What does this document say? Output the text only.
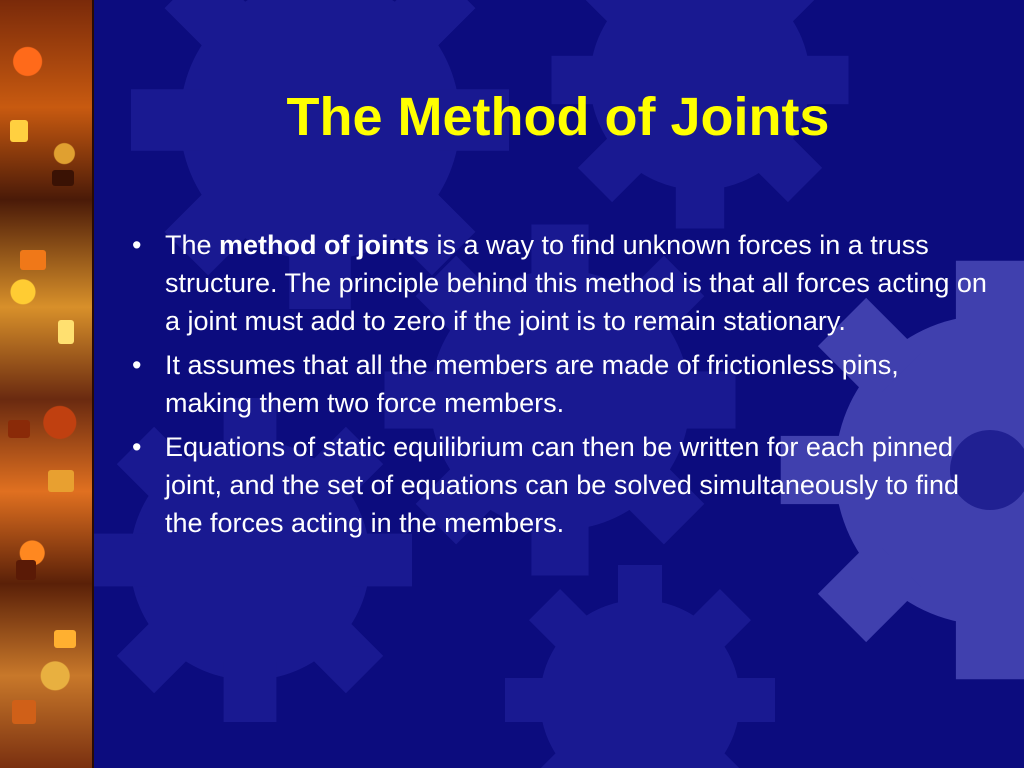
The Method of Joints
• The method of joints is a way to find unknown forces in a truss structure. The principle behind this method is that all forces acting on a joint must add to zero if the joint is to remain stationary.
• It assumes that all the members are made of frictionless pins, making them two force members.
• Equations of static equilibrium can then be written for each pinned joint, and the set of equations can be solved simultaneously to find the forces acting in the members.
